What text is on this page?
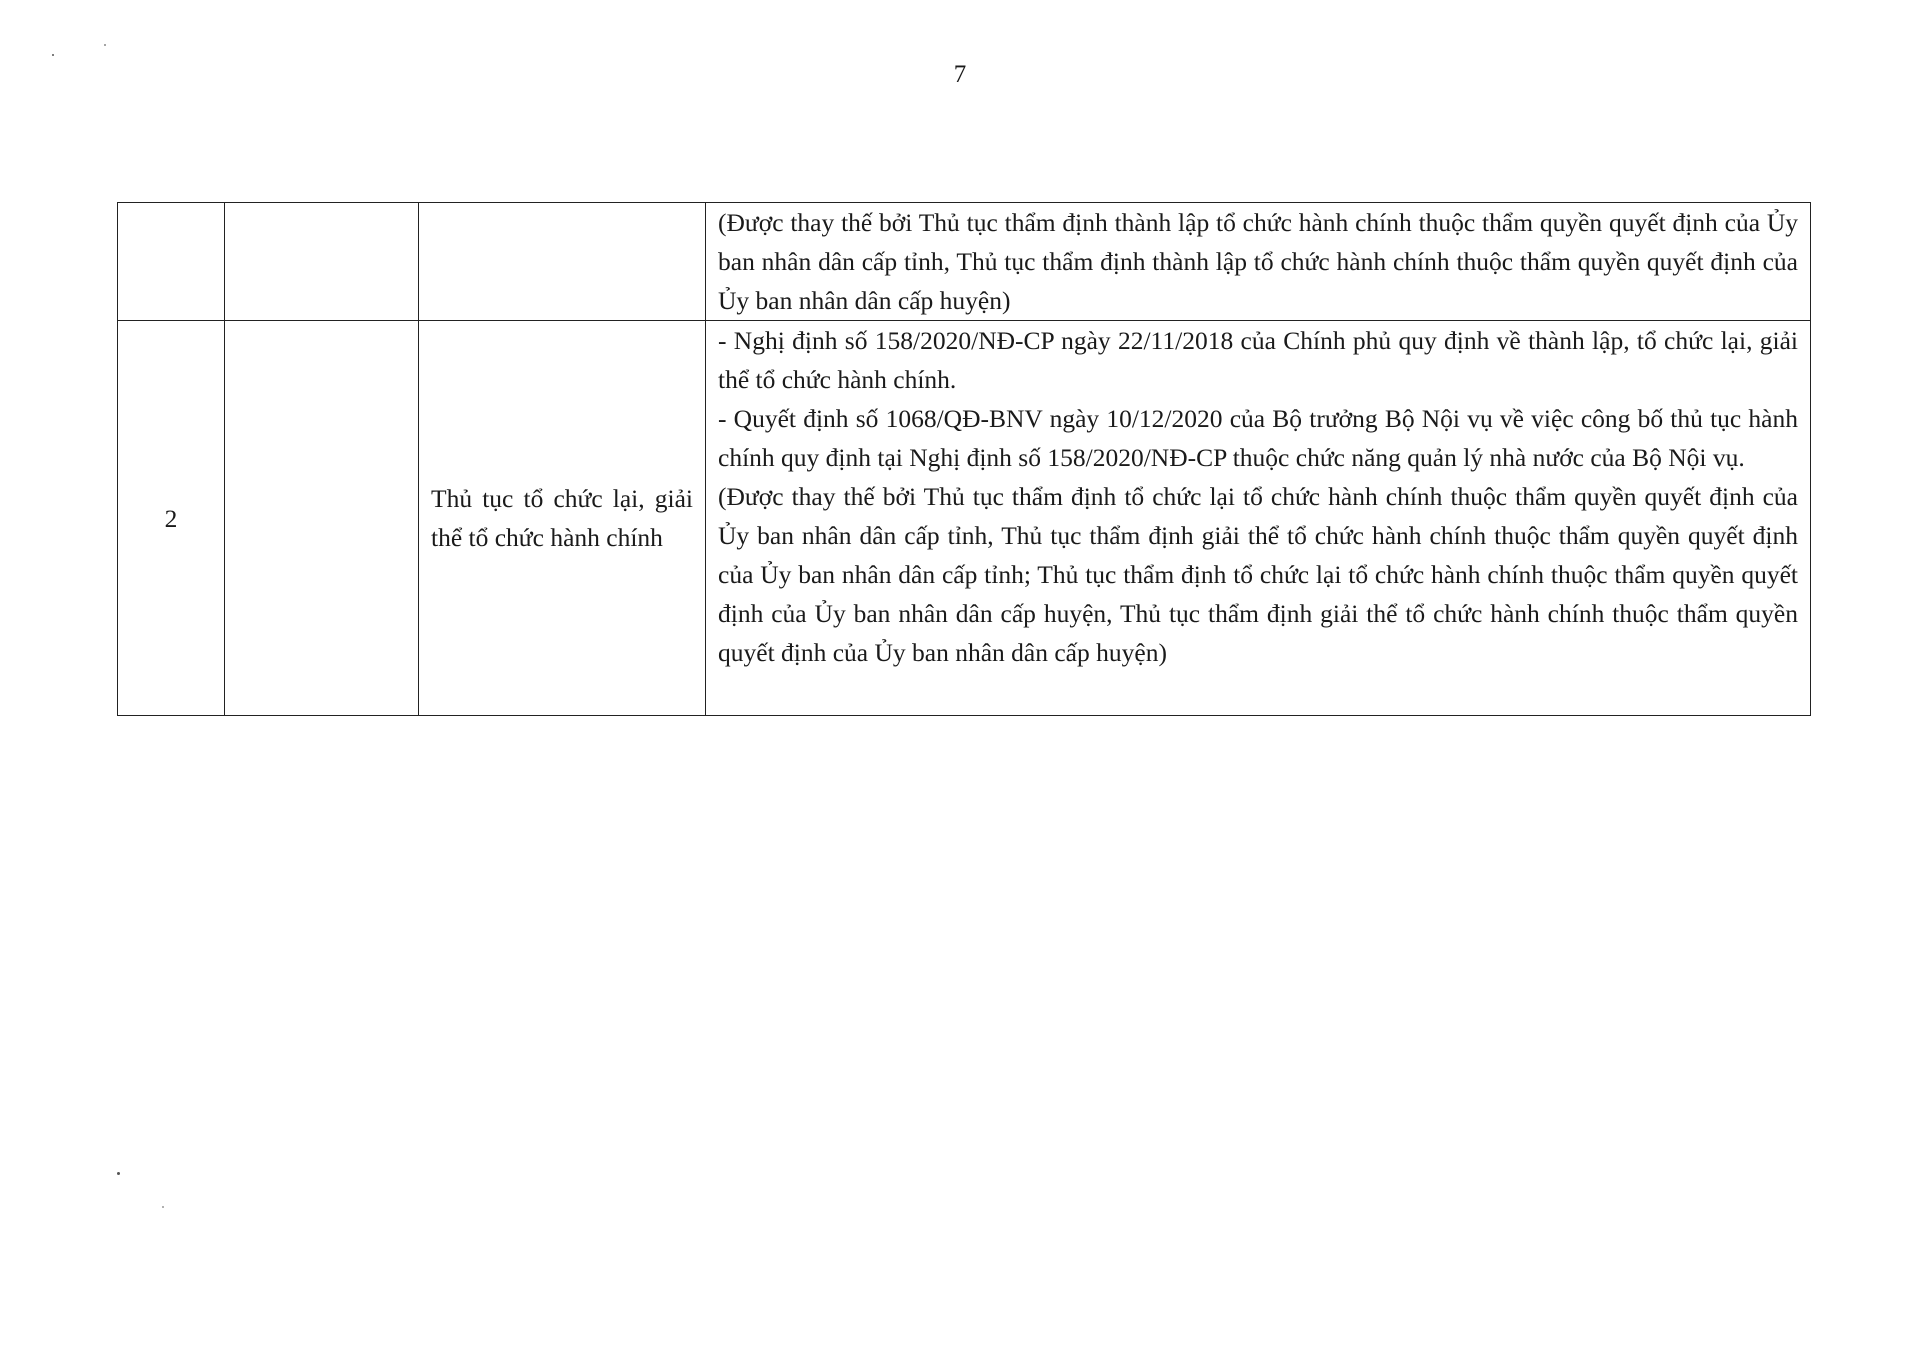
7

			(Được thay thế bởi Thủ tục thẩm định thành lập tổ chức hành chính thuộc thẩm quyền quyết định của Ủy ban nhân dân cấp tỉnh, Thủ tục thẩm định thành lập tổ chức hành chính thuộc thẩm quyền quyết định của Ủy ban nhân dân cấp huyện)

2		Thủ tục tổ chức lại, giải thể tổ chức hành chính	- Nghị định số 158/2020/NĐ-CP ngày 22/11/2018 của Chính phủ quy định về thành lập, tổ chức lại, giải thể tổ chức hành chính.
- Quyết định số 1068/QĐ-BNV ngày 10/12/2020 của Bộ trưởng Bộ Nội vụ về việc công bố thủ tục hành chính quy định tại Nghị định số 158/2020/NĐ-CP thuộc chức năng quản lý nhà nước của Bộ Nội vụ.
(Được thay thế bởi Thủ tục thẩm định tổ chức lại tổ chức hành chính thuộc thẩm quyền quyết định của Ủy ban nhân dân cấp tỉnh, Thủ tục thẩm định giải thể tổ chức hành chính thuộc thẩm quyền quyết định của Ủy ban nhân dân cấp tỉnh; Thủ tục thẩm định tổ chức lại tổ chức hành chính thuộc thẩm quyền quyết định của Ủy ban nhân dân cấp huyện, Thủ tục thẩm định giải thể tổ chức hành chính thuộc thẩm quyền quyết định của Ủy ban nhân dân cấp huyện)
